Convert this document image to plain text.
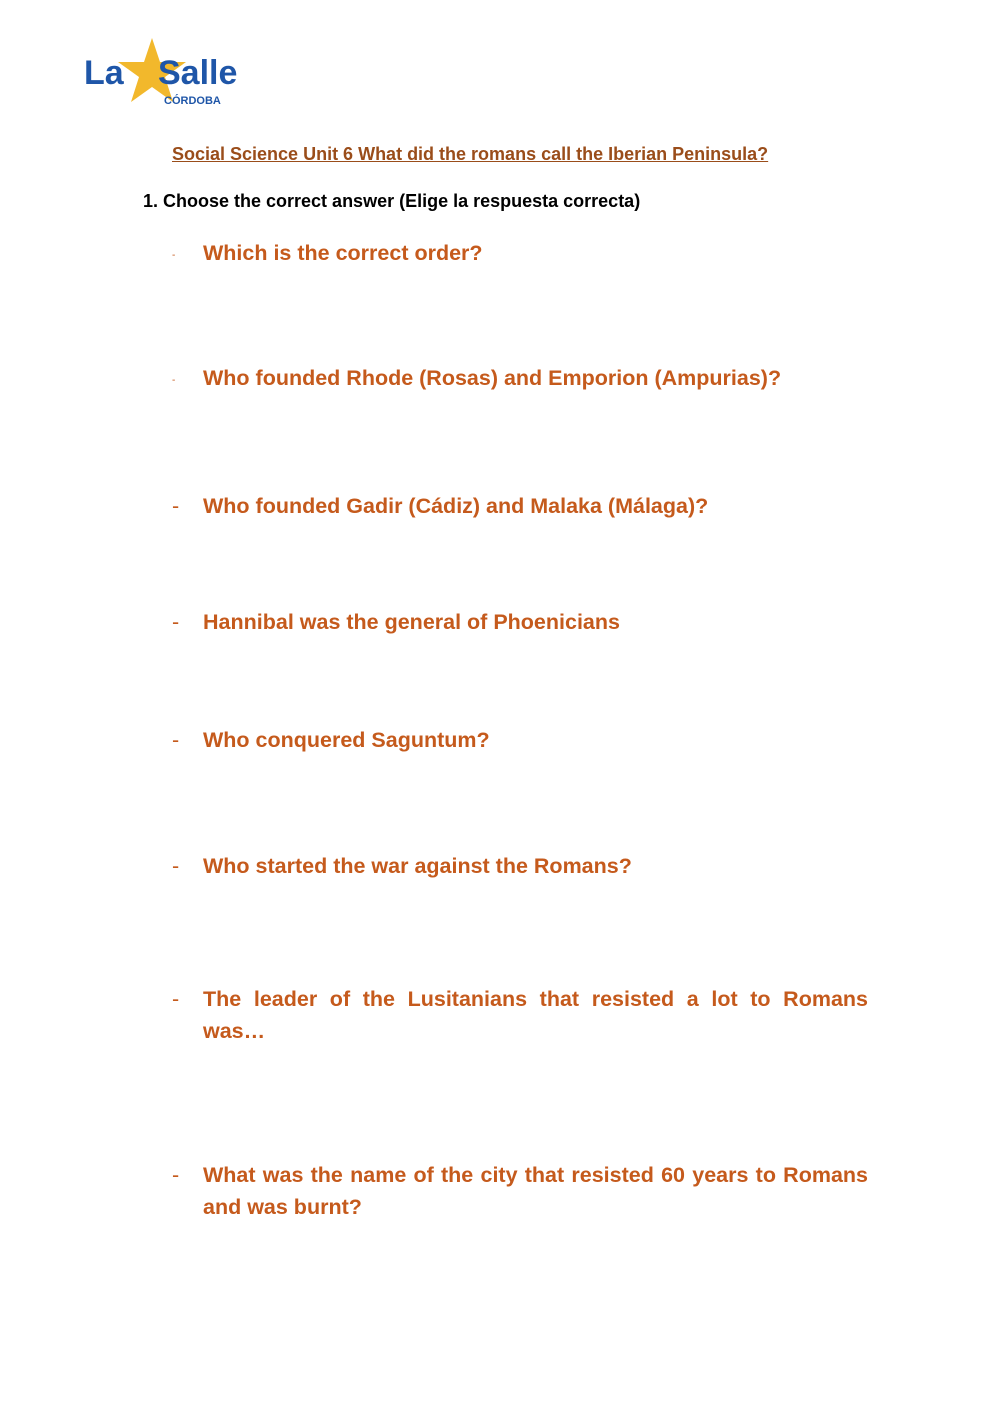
La Salle
CÓRDOBA
Social Science Unit 6 What did the romans call the Iberian Peninsula?
1. Choose the correct answer (Elige la respuesta correcta)
-	Which is the correct order?
-	Who founded Rhode (Rosas) and Emporion (Ampurias)?
-	Who founded Gadir (Cádiz) and Malaka (Málaga)?
-	Hannibal was the general of Phoenicians
-	Who conquered Saguntum?
-	Who started the war against the Romans?
-	The leader of the Lusitanians that resisted a lot to Romans was…
-	What was the name of the city that resisted 60 years to Romans and was burnt?
